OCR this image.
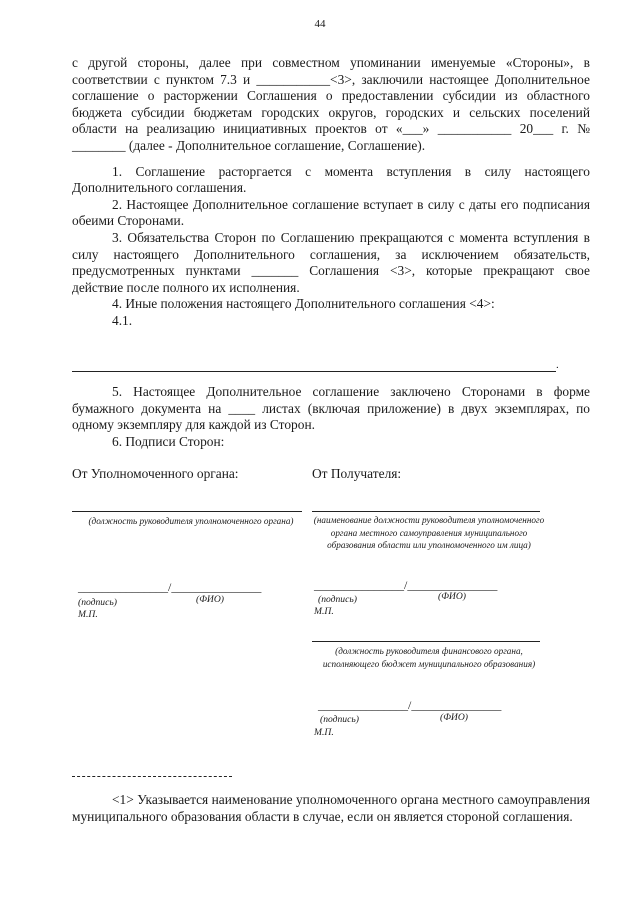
44

с другой стороны, далее при совместном упоминании именуемые «Стороны», в соответствии с пунктом 7.3 и ___________<3>, заключили настоящее Дополнительное соглашение о расторжении Соглашения о предоставлении субсидии из областного бюджета субсидии бюджетам городских округов, городских и сельских поселений области на реализацию инициативных проектов от «___» ___________ 20___ г. № ________ (далее - Дополнительное соглашение, Соглашение).

1. Соглашение расторгается с момента вступления в силу настоящего Дополнительного соглашения.

2. Настоящее Дополнительное соглашение вступает в силу с даты его подписания обеими Сторонами.

3. Обязательства Сторон по Соглашению прекращаются с момента вступления в силу настоящего Дополнительного соглашения, за исключением обязательств, предусмотренных пунктами _______ Соглашения <3>, которые прекращают свое действие после полного их исполнения.

4. Иные положения настоящего Дополнительного соглашения <4>:

4.1.

.

5. Настоящее Дополнительное соглашение заключено Сторонами в форме бумажного документа на ____ листах (включая приложение) в двух экземплярах, по одному экземпляру для каждой из Сторон.

6. Подписи Сторон:

От Уполномоченного органа:
(должность руководителя уполномоченного органа)
_______________/_______________
(подпись)	(ФИО)
М.П.
От Получателя:
(наименование должности руководителя уполномоченного органа местного самоуправления муниципального образования области или уполномоченного им лица)
_______________/_______________
(подпись)	(ФИО)
М.П.
(должность руководителя финансового органа, исполняющего бюджет муниципального образования)
_______________/_______________
(подпись)	(ФИО)
М.П.

<1> Указывается наименование уполномоченного органа местного самоуправления муниципального образования области в случае, если он является стороной соглашения.
